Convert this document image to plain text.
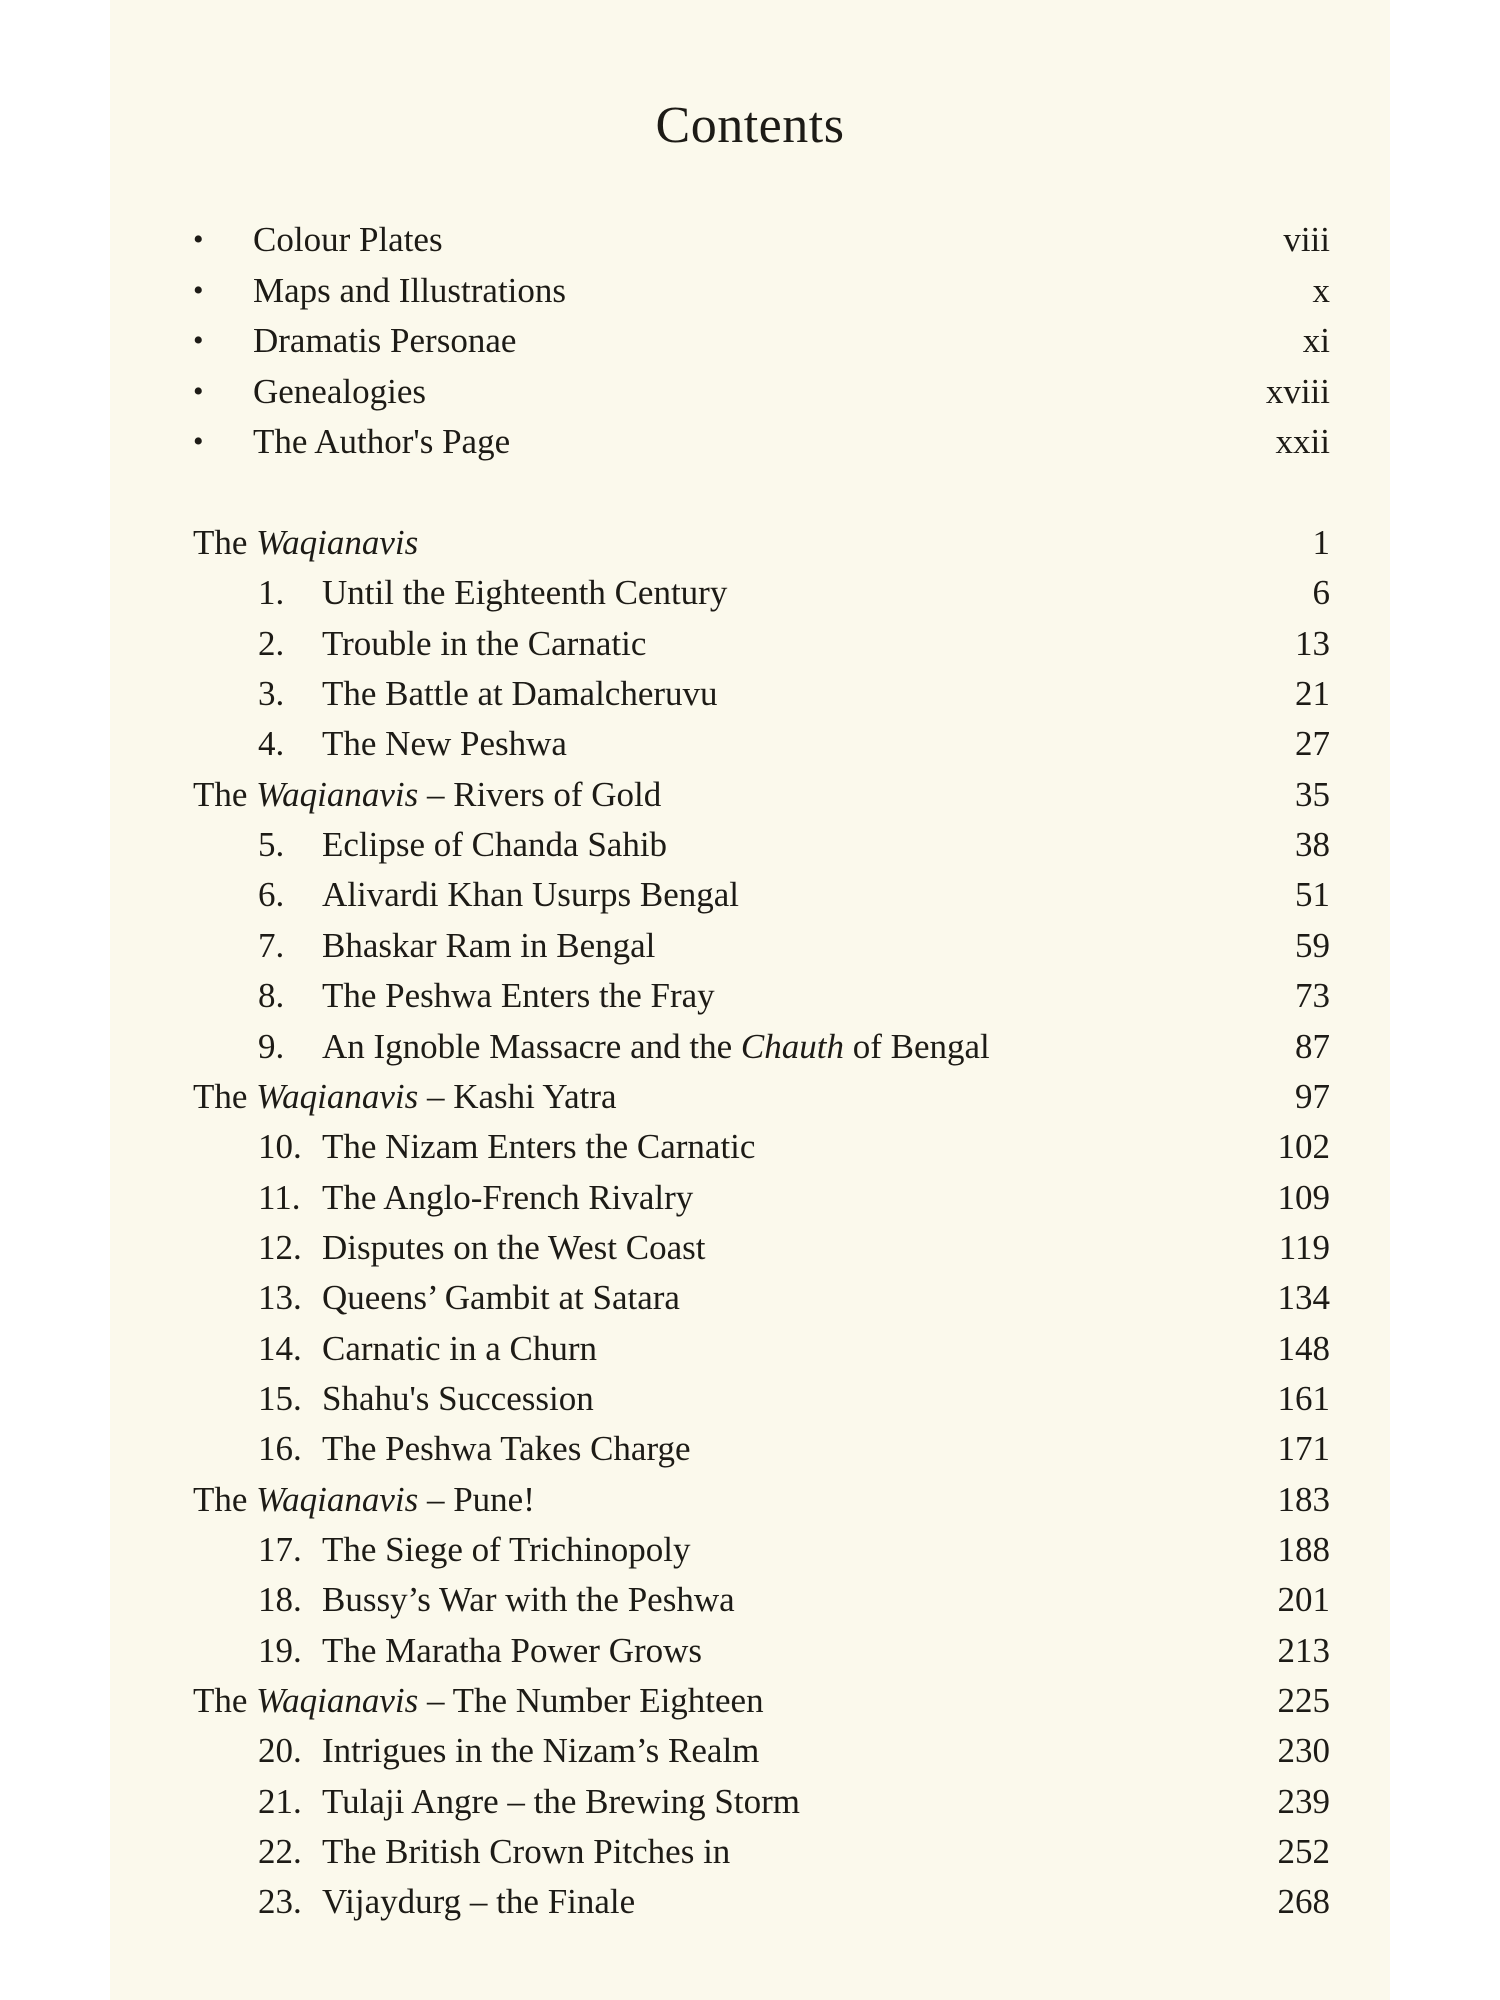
Contents
• Colour Plates	viii
• Maps and Illustrations	x
• Dramatis Personae	xi
• Genealogies	xviii
• The Author's Page	xxii
The Waqianavis	1
1.	Until the Eighteenth Century	6
2.	Trouble in the Carnatic	13
3.	The Battle at Damalcheruvu	21
4.	The New Peshwa	27
The Waqianavis – Rivers of Gold	35
5.	Eclipse of Chanda Sahib	38
6.	Alivardi Khan Usurps Bengal	51
7.	Bhaskar Ram in Bengal	59
8.	The Peshwa Enters the Fray	73
9.	An Ignoble Massacre and the Chauth of Bengal	87
The Waqianavis – Kashi Yatra	97
10. The Nizam Enters the Carnatic	102
11. The Anglo-French Rivalry	109
12. Disputes on the West Coast	119
13. Queens’ Gambit at Satara	134
14. Carnatic in a Churn	148
15. Shahu's Succession	161
16. The Peshwa Takes Charge	171
The Waqianavis – Pune!	183
17. The Siege of Trichinopoly	188
18. Bussy’s War with the Peshwa	201
19. The Maratha Power Grows	213
The Waqianavis – The Number Eighteen	225
20. Intrigues in the Nizam’s Realm	230
21. Tulaji Angre – the Brewing Storm	239
22. The British Crown Pitches in	252
23. Vijaydurg – the Finale	268
